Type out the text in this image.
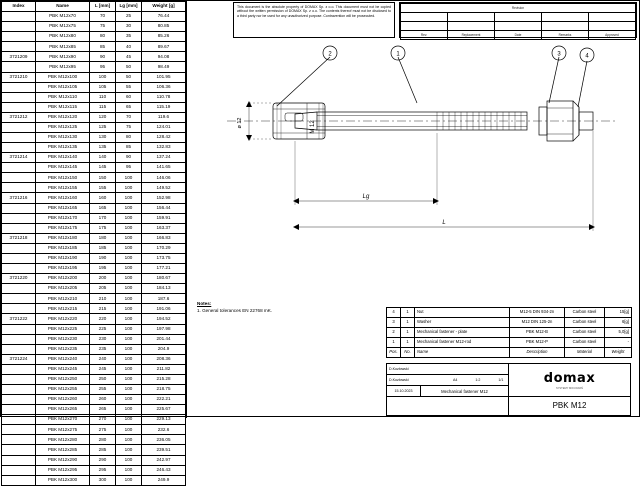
Index	Name	L [mm]	Lg [mm]	Weight [g]
	PBK M12x70	70	25	76.44
	PBK M12x75	75	30	80.85
	PBK M12x80	80	35	85.26
	PBK M12x85	85	40	89.67
3721209	PBK M12x90	90	45	94.08
	PBK M12x95	95	50	98.49
3721210	PBK M12x100	100	50	101.95
	PBK M12x105	105	55	106.36
	PBK M12x110	110	60	110.78
	PBK M12x115	115	65	115.19
3721212	PBK M12x120	120	70	119.6
	PBK M12x125	125	75	124.01
	PBK M12x130	130	80	128.42
	PBK M12x135	135	85	132.83
3721214	PBK M12x140	140	90	137.24
	PBK M12x145	145	95	141.65
	PBK M12x150	150	100	146.06
	PBK M12x155	155	100	149.52
3721216	PBK M12x160	160	100	152.98
	PBK M12x165	165	100	156.44
	PBK M12x170	170	100	159.91
	PBK M12x175	175	100	163.37
3721218	PBK M12x180	180	100	166.83
	PBK M12x185	185	100	170.29
	PBK M12x190	190	100	173.75
	PBK M12x195	195	100	177.21
3721220	PBK M12x200	200	100	180.67
	PBK M12x205	205	100	184.13
	PBK M12x210	210	100	187.6
	PBK M12x215	215	100	191.06
3721222	PBK M12x220	220	100	194.52
	PBK M12x225	225	100	197.98
	PBK M12x230	230	100	201.44
	PBK M12x235	235	100	204.9
3721224	PBK M12x240	240	100	208.36
	PBK M12x245	245	100	211.82
	PBK M12x250	250	100	215.28
	PBK M12x255	255	100	218.75
	PBK M12x260	260	100	222.21
	PBK M12x265	265	100	225.67
	PBK M12x270	270	100	229.13
	PBK M12x275	275	100	232.6
	PBK M12x280	280	100	236.05
	PBK M12x285	285	100	239.51
	PBK M12x290	290	100	242.97
	PBK M12x295	295	100	246.43
	PBK M12x300	300	100	249.9
This document is the absolute property of DOMAX Sp. z o.o. This document must not be copied without the written permission of DOMAX Sp. z o.o. The contents thereof must not be disclosed to a third party nor be used for any unauthorized purpose. Contravention will be prosecuted.
Revision				

Rev.	Replacement	Date	Remarks	Approved
2	1	3	4
ø 12	M 12
Lg
L
Notes:
1. General tolerances EN 22768 mK.	4	1	Nut	M12-5 DIN 934-2n	Carbon steel	15[g]
3	1	Washer	M12 DIN 125-2n	Carbon steel	6[g]
2	1	Mechanical fastener - plate	PBK M12-B	Carbon steel	5,0[g]
1	1	Mechanical fastener M12-rod	PBK M12-P	Carbon steel	-
Pos.	No.	Name	Description	Material	Weight
D.Kozłowski
D.Kozłowski	A4	1:2	1/1
15.10.2023	Mechanical fastener M12
domax
SYSTEMY MOCOWAŃ
PBK M12
